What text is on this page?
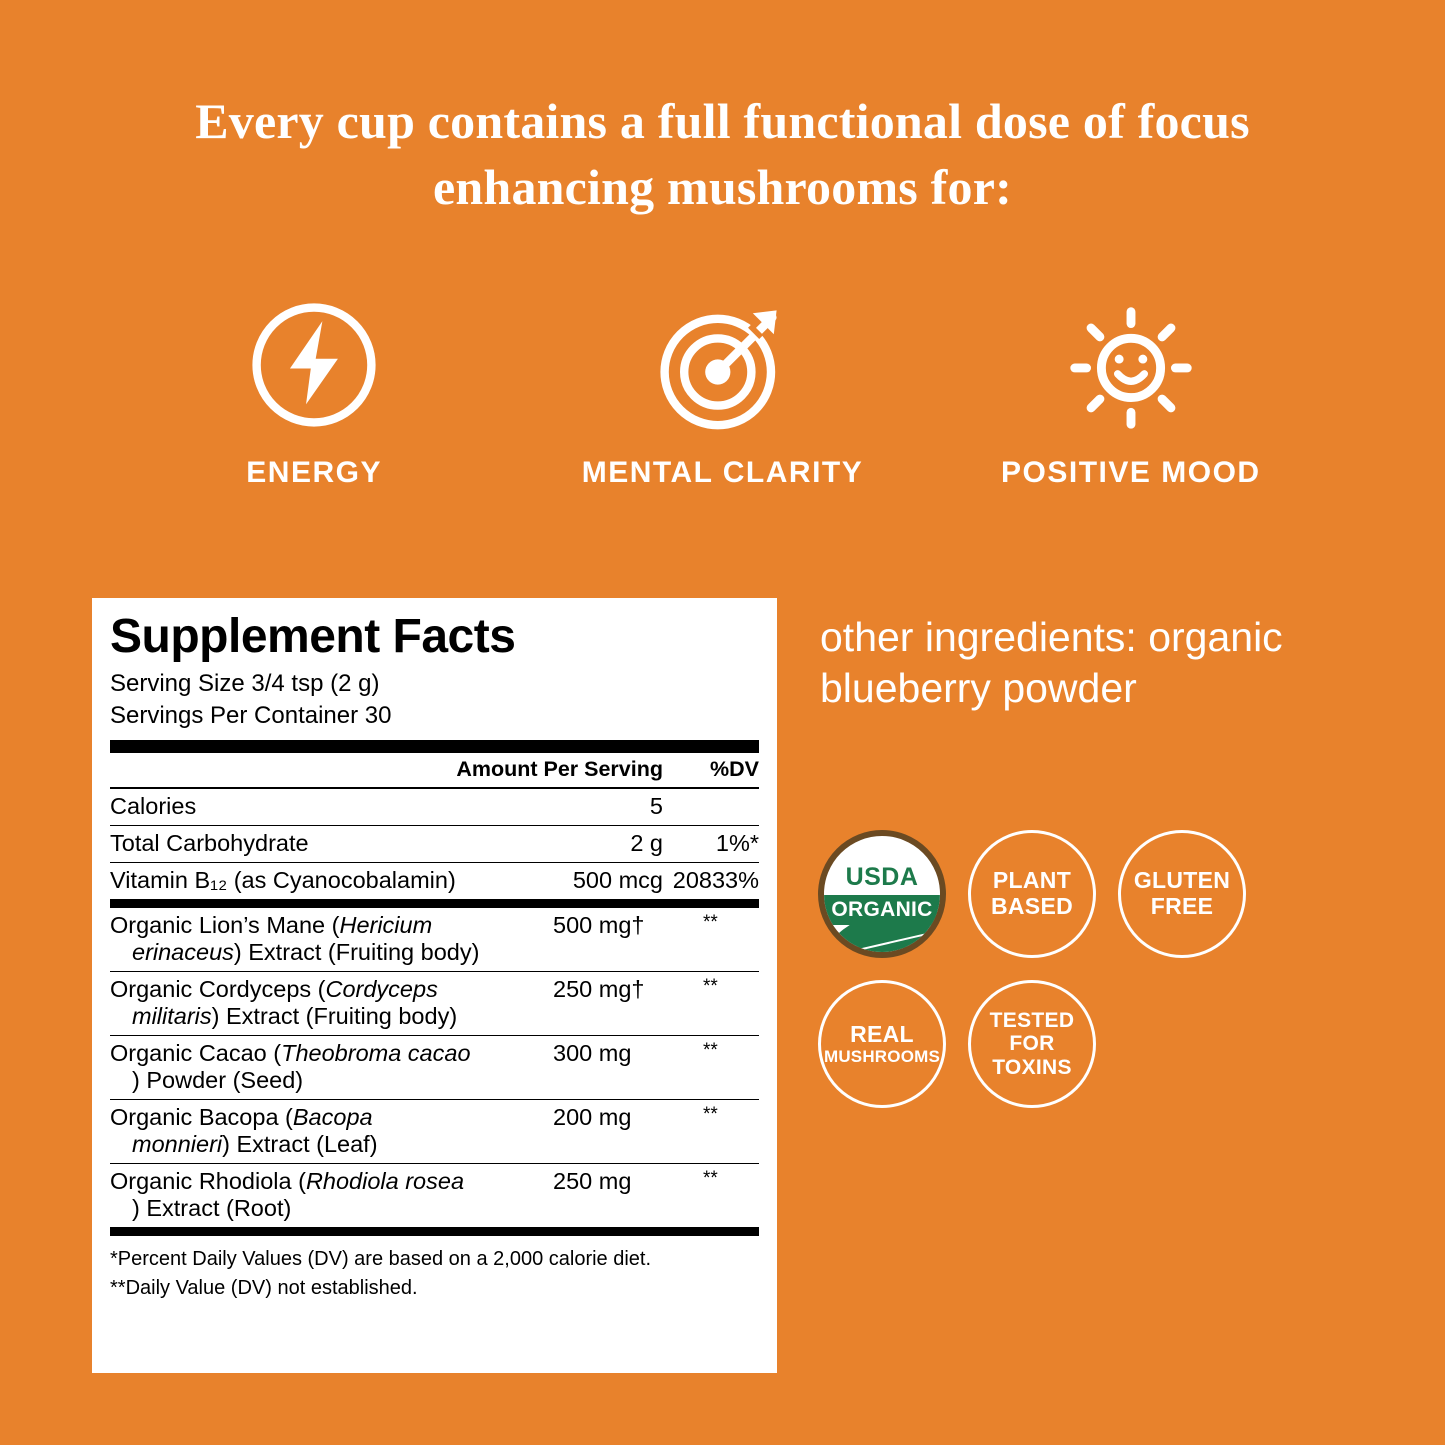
Every cup contains a full functional dose of focus enhancing mushrooms for:
ENERGY	MENTAL CLARITY	POSITIVE MOOD
Supplement Facts
Serving Size 3/4 tsp (2 g)
Servings Per Container 30
	Amount Per Serving	%DV
Calories	5	
Total Carbohydrate	2 g	1%*
Vitamin B₁₂ (as Cyanocobalamin)	500 mcg	20833%
Organic Lion’s Mane (Hericium
erinaceus) Extract (Fruiting body)	500 mg†	**
Organic Cordyceps (Cordyceps
militaris) Extract (Fruiting body)	250 mg†	**
Organic Cacao (Theobroma cacao
) Powder (Seed)	300 mg	**
Organic Bacopa (Bacopa
monnieri) Extract (Leaf)	200 mg	**
Organic Rhodiola (Rhodiola rosea
) Extract (Root)	250 mg	**
*Percent Daily Values (DV) are based on a 2,000 calorie diet.
**Daily Value (DV) not established.
other ingredients: organic blueberry powder
USDA
ORGANIC
PLANT
BASED
GLUTEN
FREE
REAL
MUSHROOMS
TESTED
FOR
TOXINS
